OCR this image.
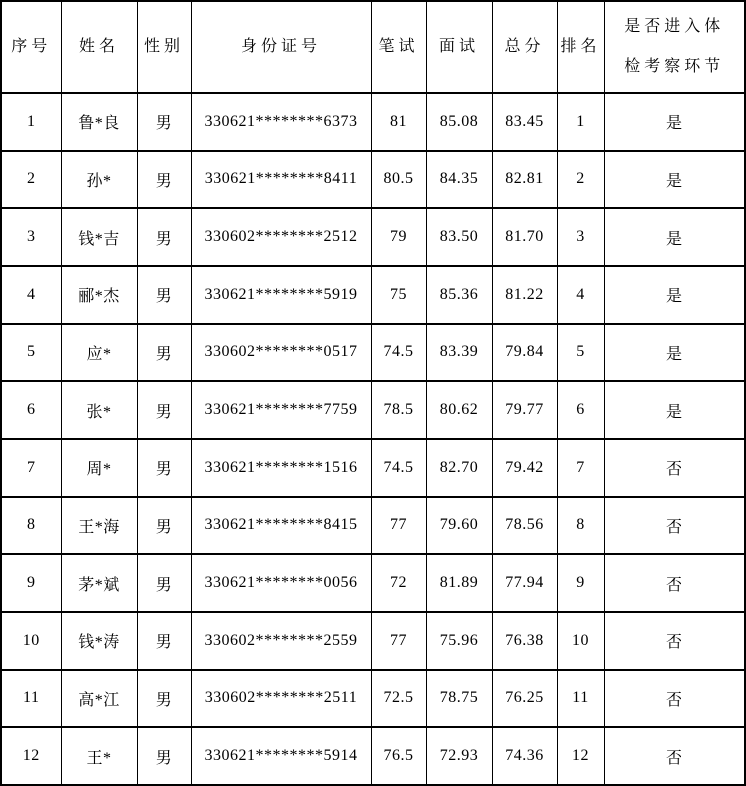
序号	姓名	性别	身份证号	笔试	面试	总分	排名	是否进入体检考察环节
1	鲁*良	男	330621********6373	81	85.08	83.45	1	是
2	孙*	男	330621********8411	80.5	84.35	82.81	2	是
3	钱*吉	男	330602********2512	79	83.50	81.70	3	是
4	郦*杰	男	330621********5919	75	85.36	81.22	4	是
5	应*	男	330602********0517	74.5	83.39	79.84	5	是
6	张*	男	330621********7759	78.5	80.62	79.77	6	是
7	周*	男	330621********1516	74.5	82.70	79.42	7	否
8	王*海	男	330621********8415	77	79.60	78.56	8	否
9	茅*斌	男	330621********0056	72	81.89	77.94	9	否
10	钱*涛	男	330602********2559	77	75.96	76.38	10	否
11	高*江	男	330602********2511	72.5	78.75	76.25	11	否
12	王*	男	330621********5914	76.5	72.93	74.36	12	否
